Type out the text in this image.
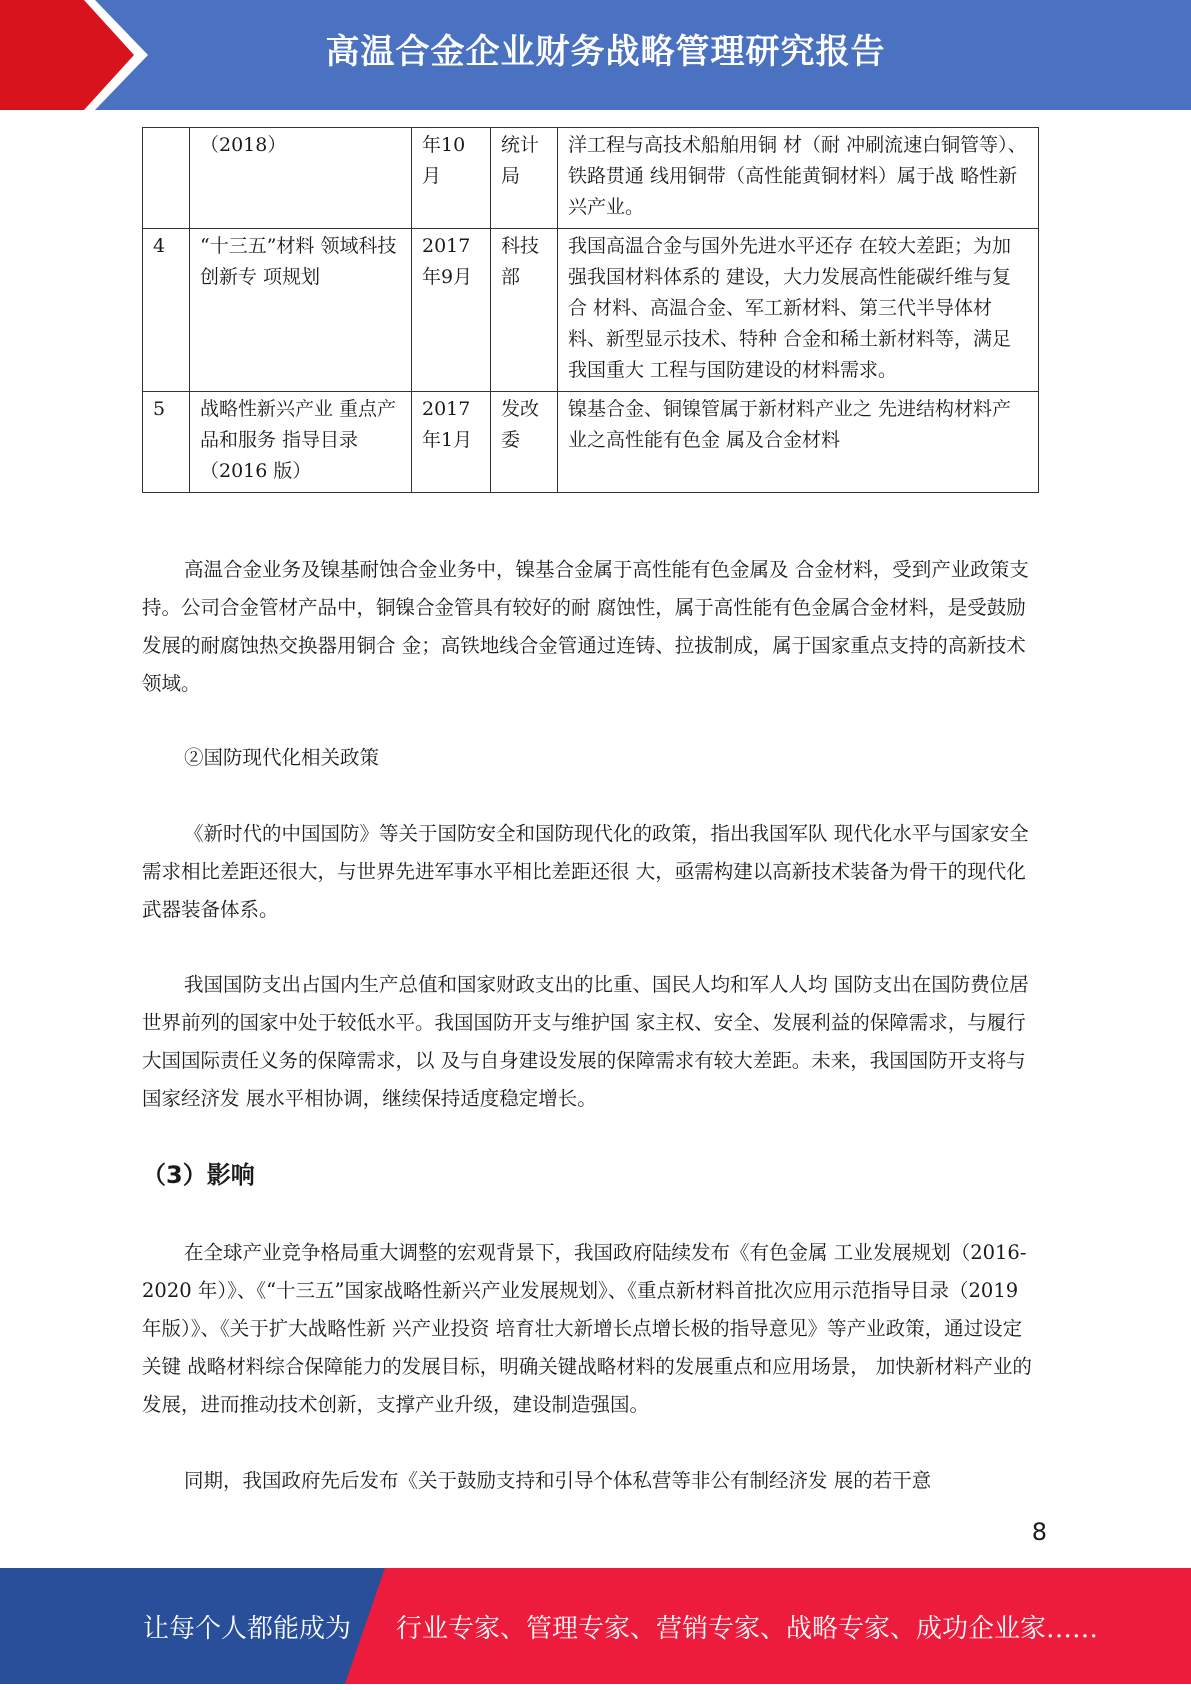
高温合金企业财务战略管理研究报告
	（2018）	年10月	统计局	洋工程与高技术船舶用铜 材（耐 冲刷流速白铜管等）、铁路贯通 线用铜带（高性能黄铜材料）属于战 略性新兴产业。
4	“十三五”材料 领域科技创新专 项规划	2017年9月	科技部	我国高温合金与国外先进水平还存 在较大差距；为加强我国材料体系的 建设，大力发展高性能碳纤维与复合 材料、高温合金、军工新材料、第三代半导体材料、新型显示技术、特种 合金和稀土新材料等，满足我国重大 工程与国防建设的材料需求。
5	战略性新兴产业 重点产品和服务 指导目录（2016 版）	2017年1月	发改委	镍基合金、铜镍管属于新材料产业之 先进结构材料产业之高性能有色金 属及合金材料

高温合金业务及镍基耐蚀合金业务中，镍基合金属于高性能有色金属及 合金材料，受到产业政策支持。公司合金管材产品中，铜镍合金管具有较好的耐 腐蚀性，属于高性能有色金属合金材料，是受鼓励发展的耐腐蚀热交换器用铜合 金；高铁地线合金管通过连铸、拉拔制成，属于国家重点支持的高新技术领域。

②国防现代化相关政策

《新时代的中国国防》等关于国防安全和国防现代化的政策，指出我国军队 现代化水平与国家安全需求相比差距还很大，与世界先进军事水平相比差距还很 大，亟需构建以高新技术装备为骨干的现代化武器装备体系。

我国国防支出占国内生产总值和国家财政支出的比重、国民人均和军人人均 国防支出在国防费位居世界前列的国家中处于较低水平。我国国防开支与维护国 家主权、安全、发展利益的保障需求，与履行大国国际责任义务的保障需求，以 及与自身建设发展的保障需求有较大差距。未来，我国国防开支将与国家经济发 展水平相协调，继续保持适度稳定增长。

（3）影响

在全球产业竞争格局重大调整的宏观背景下，我国政府陆续发布《有色金属 工业发展规划（2016-2020 年）》、《“十三五”国家战略性新兴产业发展规划》、《重点新材料首批次应用示范指导目录（2019 年版）》、《关于扩大战略性新 兴产业投资 培育壮大新增长点增长极的指导意见》等产业政策，通过设定关键 战略材料综合保障能力的发展目标，明确关键战略材料的发展重点和应用场景， 加快新材料产业的发展，进而推动技术创新，支撑产业升级，建设制造强国。

同期，我国政府先后发布《关于鼓励支持和引导个体私营等非公有制经济发 展的若干意

8
让每个人都能成为 行业专家、管理专家、营销专家、战略专家、成功企业家……
